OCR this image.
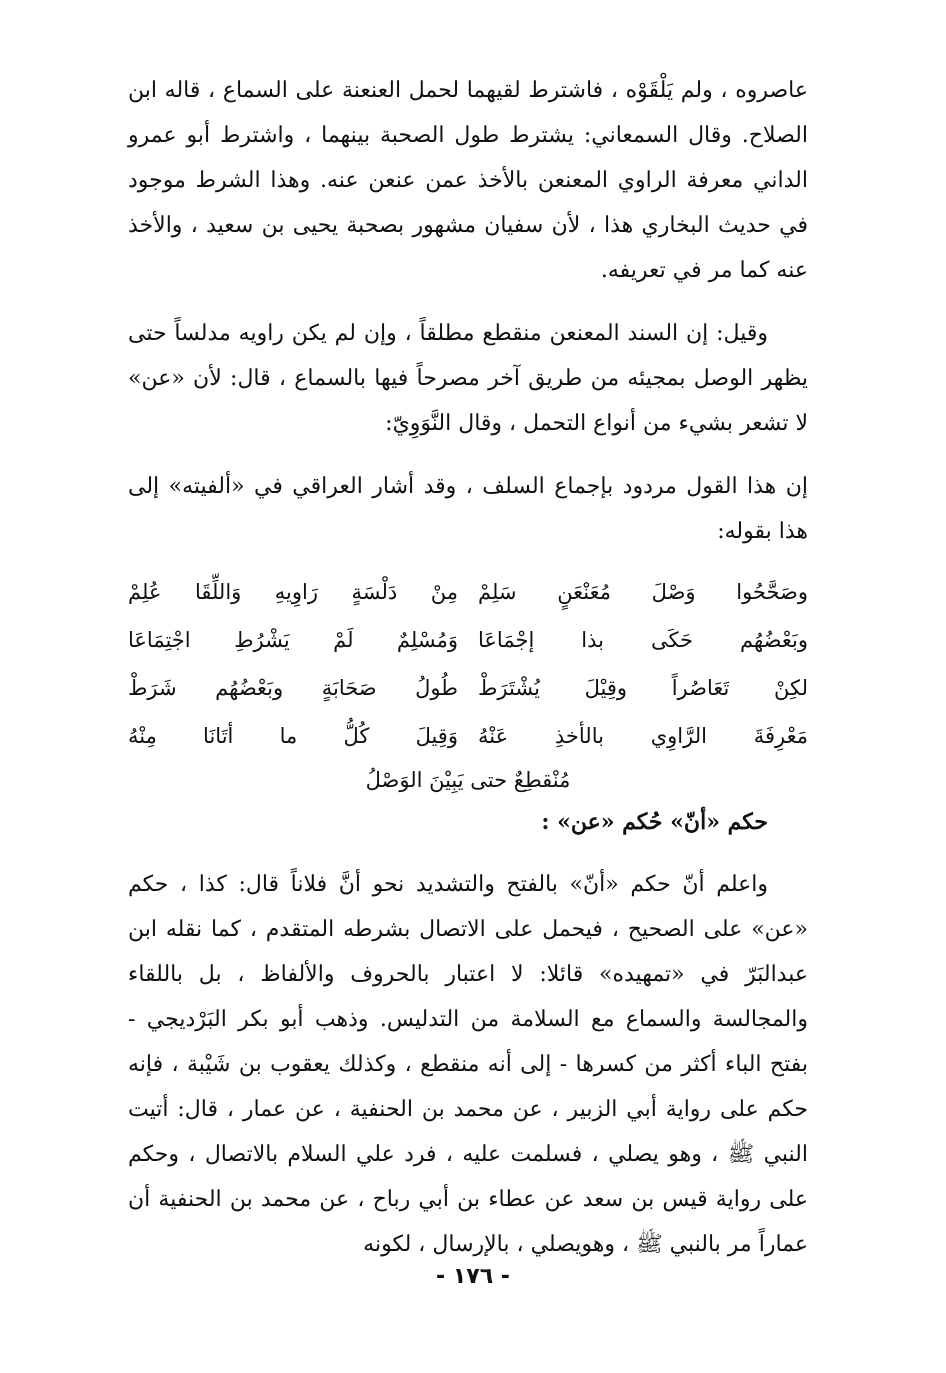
عاصروه ، ولم يَلْقَوْه ، فاشترط لقيهما لحمل العنعنة على السماع ، قاله ابن الصلاح. وقال السمعاني: يشترط طول الصحبة بينهما ، واشترط أبو عمرو الداني معرفة الراوي المعنعن بالأخذ عمن عنعن عنه. وهذا الشرط موجود في حديث البخاري هذا ، لأن سفيان مشهور بصحبة يحيى بن سعيد ، والأخذ عنه كما مر في تعريفه.

وقيل: إن السند المعنعن منقطع مطلقاً ، وإن لم يكن راويه مدلساً حتى يظهر الوصل بمجيئه من طريق آخر مصرحاً فيها بالسماع ، قال: لأن «عن» لا تشعر بشيء من أنواع التحمل ، وقال النَّوَوِيّ:

إن هذا القول مردود بإجماع السلف ، وقد أشار العراقي في «ألفيته» إلى هذا بقوله:

وصَحَّحُوا وَصْلَ مُعَنْعَنٍ سَلِمْ
مِنْ دَلْسَةٍ رَاوِيهِ وَاللِّقَا عُلِمْ
وبَعْضُهُم حَكَى بذا إجْمَاعَا
وَمُسْلِمٌ لَمْ يَشْرُطِ اجْتِمَاعَا
لكِنْ تَعَاصُراً وقِيْلَ يُشْتَرَطْ
طُولُ صَحَابَةٍ وبَعْضُهُم شَرَطْ
مَعْرِفَةَ الرَّاوِي بالأخذِ عَنْهُ
وَقِيلَ كُلُّ ما أتَانَا مِنْهُ
مُنْقطِعٌ حتى يَبِيْنَ الوَصْلُ

حكم «أنّ» حُكم «عن» :

واعلم أنّ حكم «أنّ» بالفتح والتشديد نحو أنَّ فلاناً قال: كذا ، حكم «عن» على الصحيح ، فيحمل على الاتصال بشرطه المتقدم ، كما نقله ابن عبدالبَرّ في «تمهيده» قائلا: لا اعتبار بالحروف والألفاظ ، بل باللقاء والمجالسة والسماع مع السلامة من التدليس. وذهب أبو بكر البَرْديجي - بفتح الباء أكثر من كسرها - إلى أنه منقطع ، وكذلك يعقوب بن شَيْبة ، فإنه حكم على رواية أبي الزبير ، عن محمد بن الحنفية ، عن عمار ، قال: أتيت النبي ﷺ ، وهو يصلي ، فسلمت عليه ، فرد علي السلام بالاتصال ، وحكم على رواية قيس بن سعد عن عطاء بن أبي رباح ، عن محمد بن الحنفية أن عماراً مر بالنبي ﷺ ، وهويصلي ، بالإرسال ، لكونه

- ١٧٦ -
